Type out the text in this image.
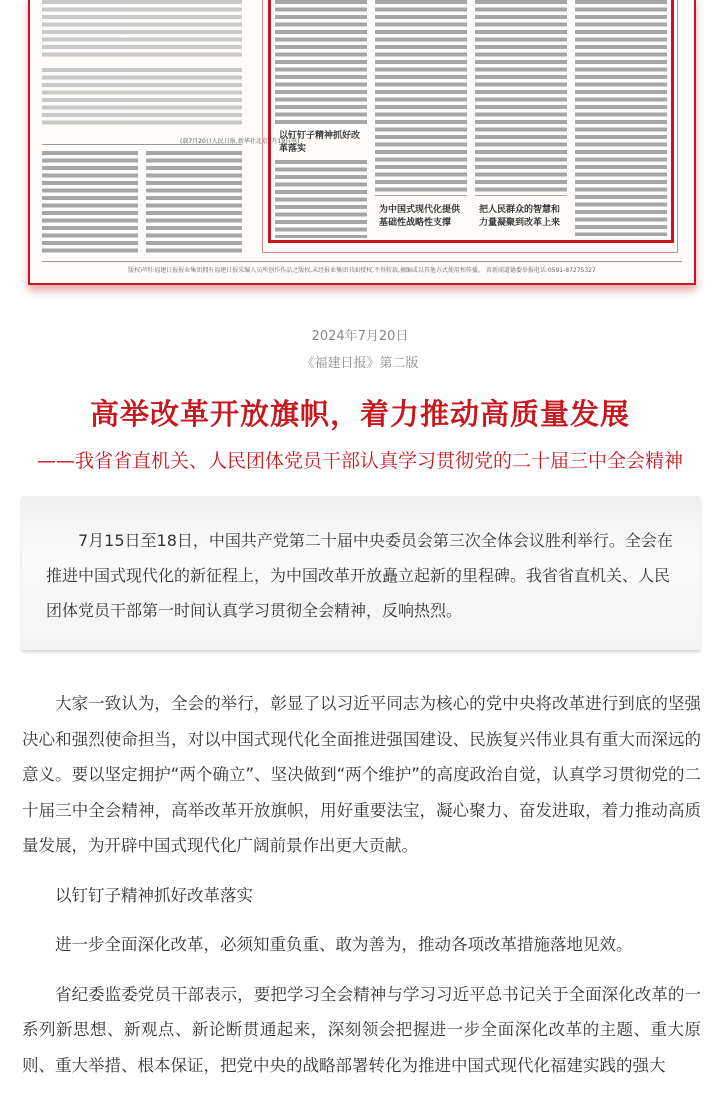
(载7月20日人民日报,新华社北京7月19日电)
以钉钉子精神抓好改革落实
为中国式现代化提供基础性战略性支撑
把人民群众的智慧和力量凝聚到改革上来
版权声明:福建日报报业集团拥有福建日报采编人员所创作作品之版权,未经报业集团书面授权,不得转载,摘编或以其他方式使用和传播。 省新闻道德委举报电话:0591-87275327
2024年7月20日
《福建日报》第二版
高举改革开放旗帜，着力推动高质量发展
——我省省直机关、人民团体党员干部认真学习贯彻党的二十届三中全会精神

7月15日至18日，中国共产党第二十届中央委员会第三次全体会议胜利举行。全会在推进中国式现代化的新征程上，为中国改革开放矗立起新的里程碑。我省省直机关、人民团体党员干部第一时间认真学习贯彻全会精神，反响热烈。

大家一致认为，全会的举行，彰显了以习近平同志为核心的党中央将改革进行到底的坚强决心和强烈使命担当，对以中国式现代化全面推进强国建设、民族复兴伟业具有重大而深远的意义。要以坚定拥护“两个确立”、坚决做到“两个维护”的高度政治自觉，认真学习贯彻党的二十届三中全会精神，高举改革开放旗帜，用好重要法宝，凝心聚力、奋发进取，着力推动高质量发展，为开辟中国式现代化广阔前景作出更大贡献。

以钉钉子精神抓好改革落实

进一步全面深化改革，必须知重负重、敢为善为，推动各项改革措施落地见效。

省纪委监委党员干部表示，要把学习全会精神与学习习近平总书记关于全面深化改革的一系列新思想、新观点、新论断贯通起来，深刻领会把握进一步全面深化改革的主题、重大原则、重大举措、根本保证，把党中央的战略部署转化为推进中国式现代化福建实践的强大
